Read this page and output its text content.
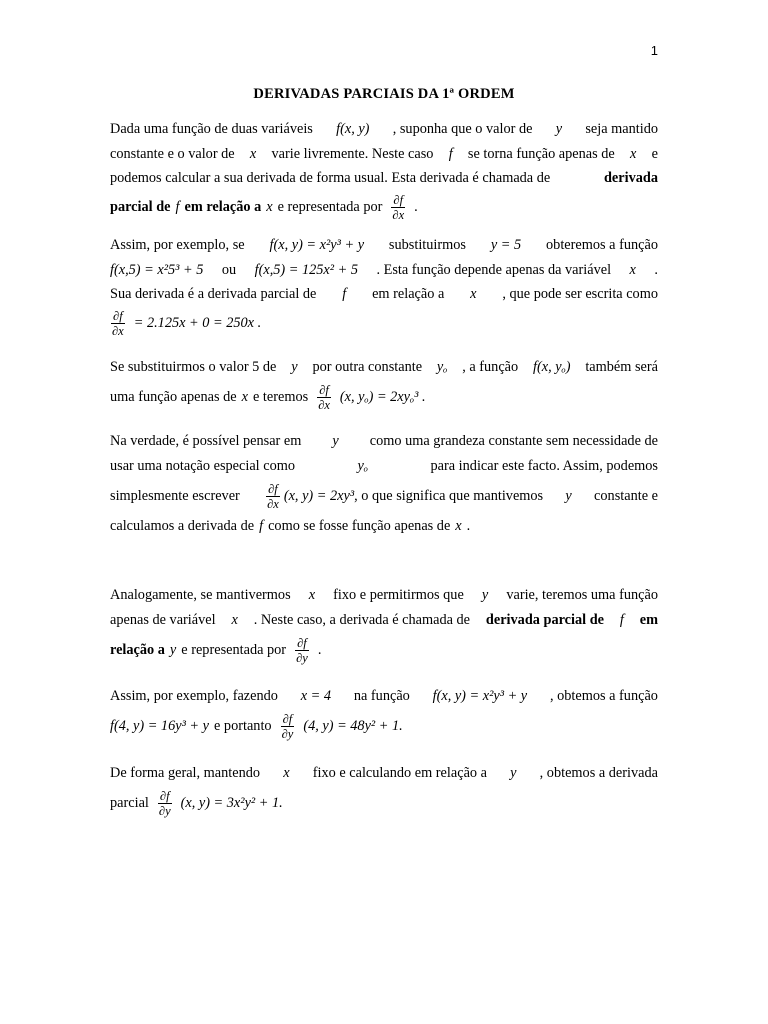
1
DERIVADAS PARCIAIS DA 1ª ORDEM
Dada uma função de duas variáveis f(x, y) , suponha que o valor de y seja mantido
constante e o valor de x varie livremente. Neste caso f se torna função apenas de x e
podemos calcular a sua derivada de forma usual. Esta derivada é chamada de	derivada
parcial de f em relação a x e representada por $\frac{\partial f}{\partial x}$ .
Assim, por exemplo, se f(x, y) = x²y³ + y substituirmos y = 5 obteremos a função
f(x,5) = x²5³ + 5 ou f(x,5) = 125x² + 5 . Esta função depende apenas da variável x .
Sua derivada é a derivada parcial de f em relação a x , que pode ser escrita como
$\frac{\partial f}{\partial x} = 2.125x + 0 = 250x$ .
Se substituirmos o valor 5 de y por outra constante yₒ , a função f(x, yₒ) também será
uma função apenas de x e teremos $\frac{\partial f}{\partial x} (x$, yₒ) = 2xyₒ³ .
Na verdade, é possível pensar em y como uma grandeza constante sem necessidade de
usar uma notação especial como	yₒ	para indicar este facto. Assim, podemos
simplesmente escrever $\frac{\partial f}{\partial x} (x$, y) = 2xy³, o que significa que mantivemos y constante e
calculamos a derivada de f como se fosse função apenas de x .
Analogamente, se mantivermos x fixo e permitirmos que y varie, teremos uma função
apenas de variável x . Neste caso, a derivada é chamada de derivada parcial de f em
relação a y e representada por $\frac{\partial f}{\partial y}$ .
Assim, por exemplo, fazendo x = 4 na função f(x, y) = x²y³ + y , obtemos a função
f(4, y) = 16y³ + y e portanto $\frac{\partial f}{\partial y} (4$, y) = 48y² + 1.
De forma geral, mantendo x fixo e calculando em relação a y , obtemos a derivada
parcial $\frac{\partial f}{\partial y} (x$, y) = 3x²y² + 1.
